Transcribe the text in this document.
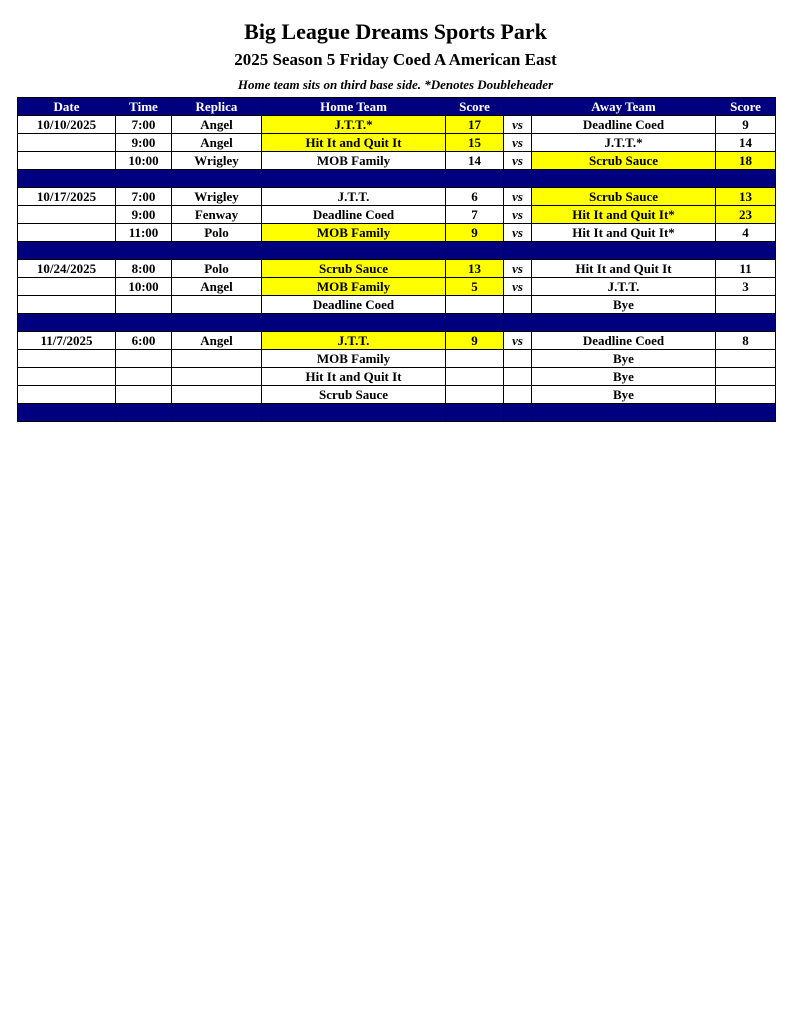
Big League Dreams Sports Park
2025 Season 5 Friday Coed A American East
Home team sits on third base side. *Denotes Doubleheader
Date	Time	Replica	Home Team	Score		Away Team	Score
10/10/2025	7:00	Angel	J.T.T.*	17	vs	Deadline Coed	9
	9:00	Angel	Hit It and Quit It	15	vs	J.T.T.*	14
	10:00	Wrigley	MOB Family	14	vs	Scrub Sauce	18

10/17/2025	7:00	Wrigley	J.T.T.	6	vs	Scrub Sauce	13
	9:00	Fenway	Deadline Coed	7	vs	Hit It and Quit It*	23
	11:00	Polo	MOB Family	9	vs	Hit It and Quit It*	4

10/24/2025	8:00	Polo	Scrub Sauce	13	vs	Hit It and Quit It	11
	10:00	Angel	MOB Family	5	vs	J.T.T.	3
			Deadline Coed			Bye	

11/7/2025	6:00	Angel	J.T.T.	9	vs	Deadline Coed	8
			MOB Family			Bye	
			Hit It and Quit It			Bye	
			Scrub Sauce			Bye	
